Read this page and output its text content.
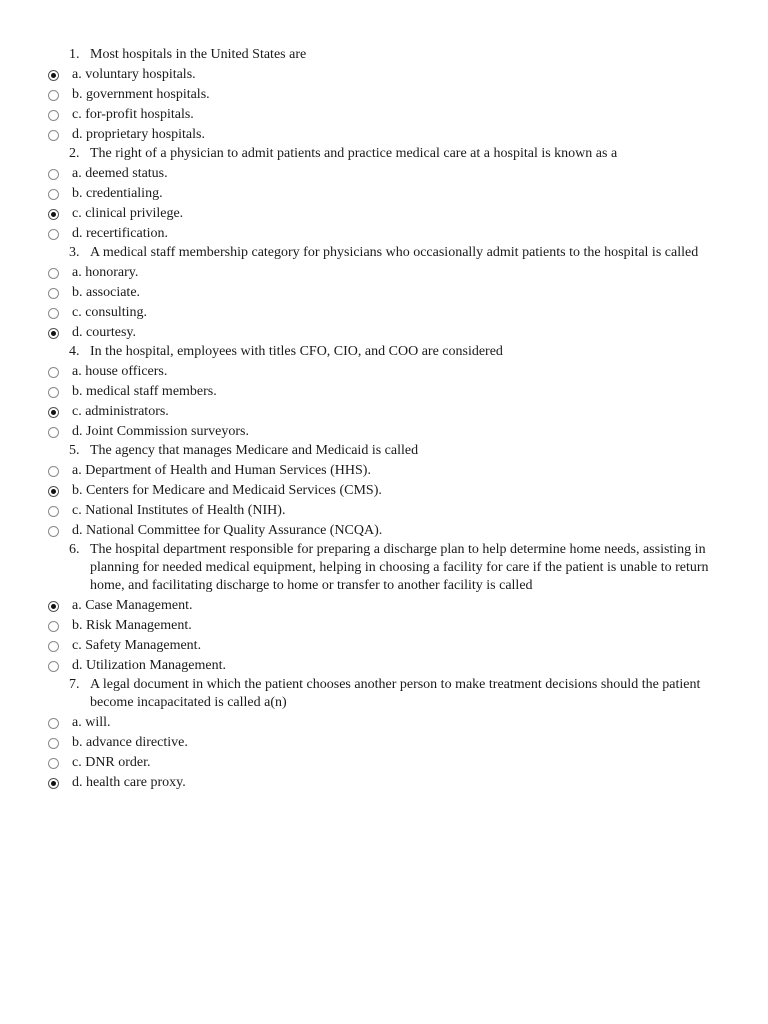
1. Most hospitals in the United States are
a. voluntary hospitals.
b. government hospitals.
c. for-profit hospitals.
d. proprietary hospitals.
2. The right of a physician to admit patients and practice medical care at a hospital is known as a
a. deemed status.
b. credentialing.
c. clinical privilege.
d. recertification.
3. A medical staff membership category for physicians who occasionally admit patients to the hospital is called
a. honorary.
b. associate.
c. consulting.
d. courtesy.
4. In the hospital, employees with titles CFO, CIO, and COO are considered
a. house officers.
b. medical staff members.
c. administrators.
d. Joint Commission surveyors.
5. The agency that manages Medicare and Medicaid is called
a. Department of Health and Human Services (HHS).
b. Centers for Medicare and Medicaid Services (CMS).
c. National Institutes of Health (NIH).
d. National Committee for Quality Assurance (NCQA).
6. The hospital department responsible for preparing a discharge plan to help determine home needs, assisting in planning for needed medical equipment, helping in choosing a facility for care if the patient is unable to return home, and facilitating discharge to home or transfer to another facility is called
a. Case Management.
b. Risk Management.
c. Safety Management.
d. Utilization Management.
7. A legal document in which the patient chooses another person to make treatment decisions should the patient become incapacitated is called a(n)
a. will.
b. advance directive.
c. DNR order.
d. health care proxy.
